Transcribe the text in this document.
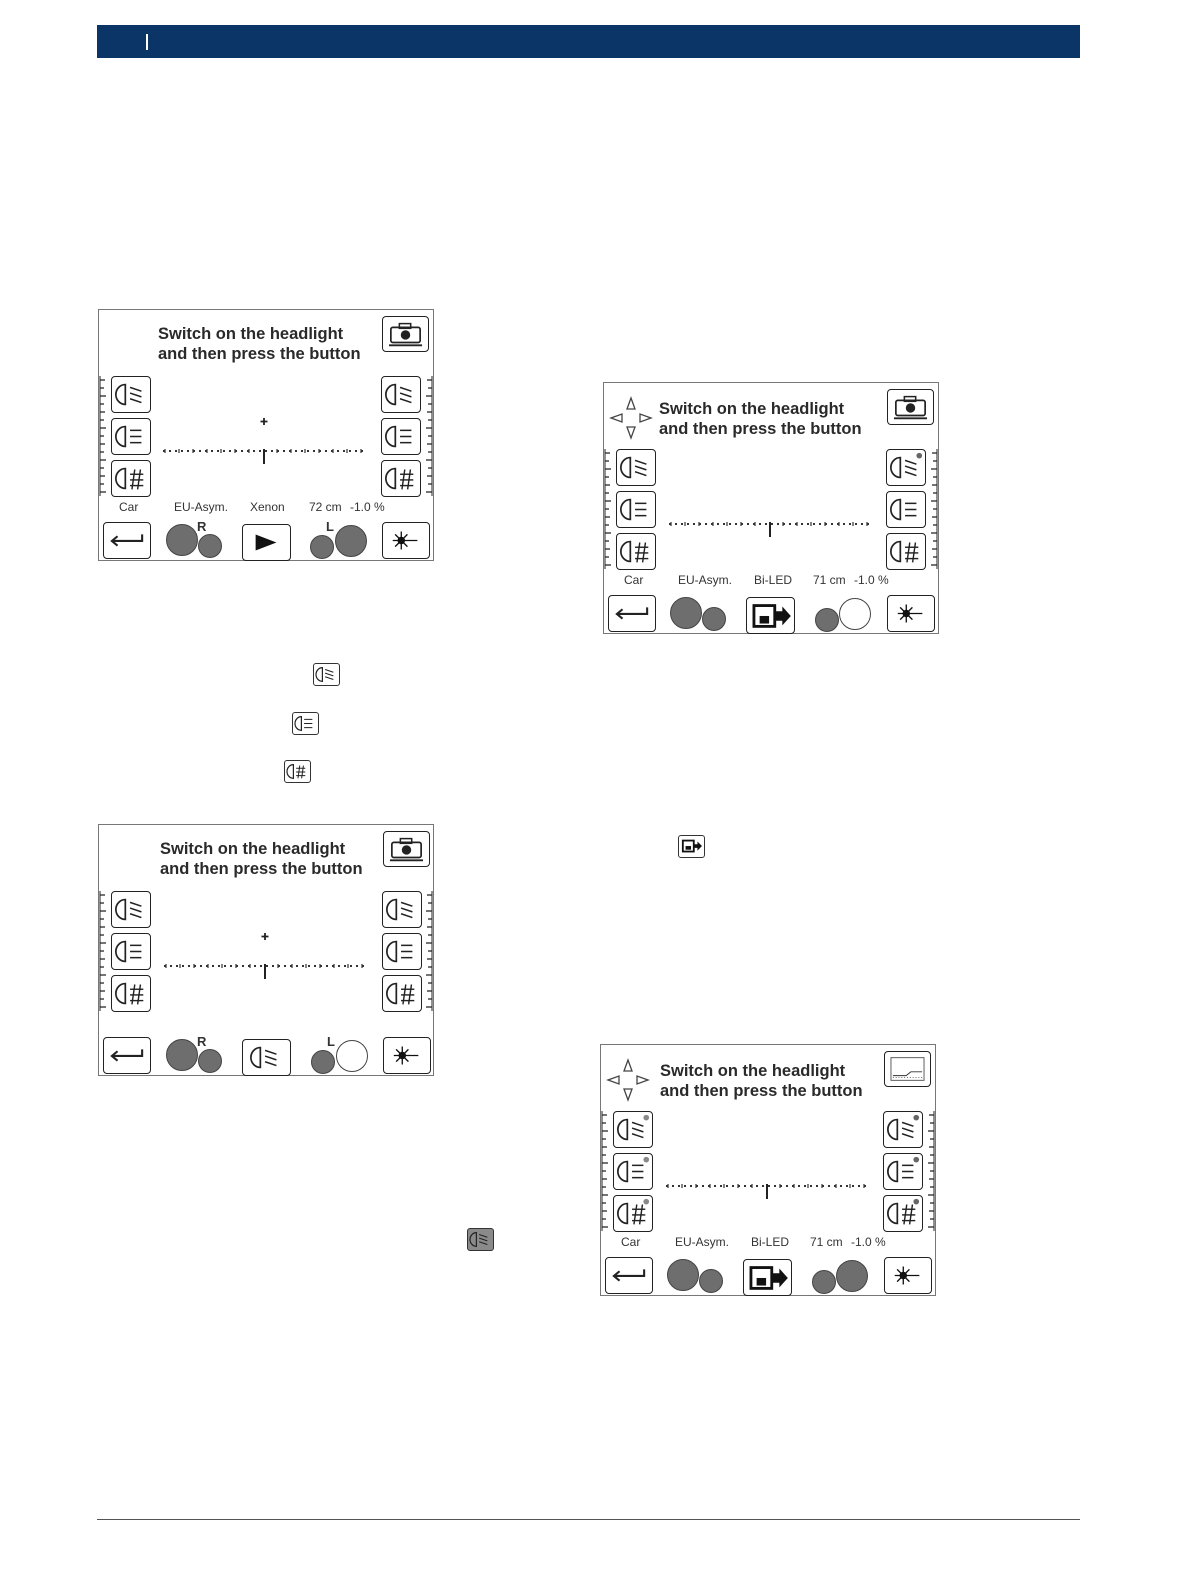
Switch on the headlight
and then press the button
Car	EU-Asym. Xenon 72 cm -1.0 %
R	L
Switch on the headlight
and then press the button
R	L
Switch on the headlight
and then press the button
Car	EU-Asym. Bi-LED 71 cm -1.0 %
Switch on the headlight
and then press the button
Car	EU-Asym. Bi-LED 71 cm -1.0 %
